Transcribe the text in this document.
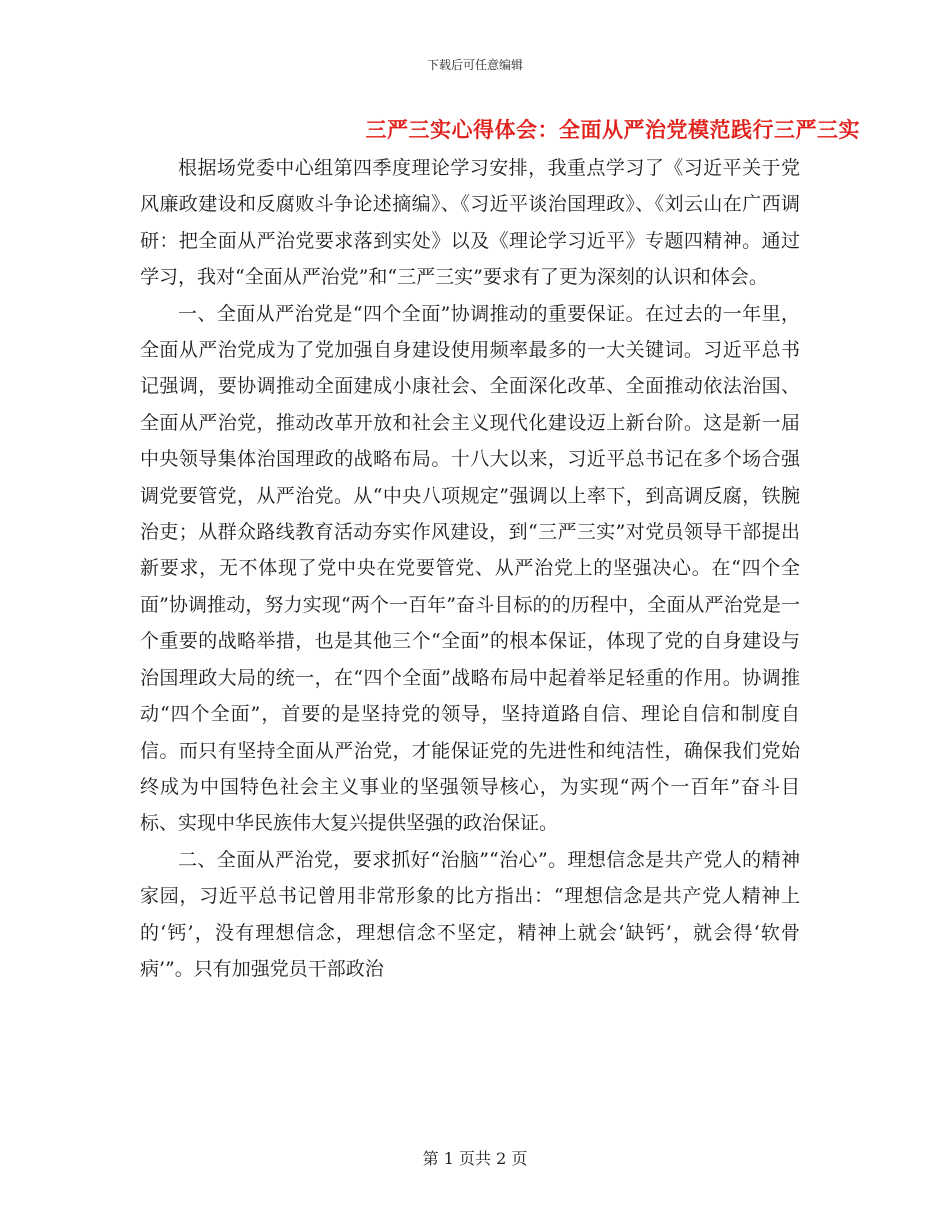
下载后可任意编辑
三严三实心得体会：全面从严治党模范践行三严三实

根据场党委中心组第四季度理论学习安排，我重点学习了《习近平关于党风廉政建设和反腐败斗争论述摘编》、《习近平谈治国理政》、《刘云山在广西调研：把全面从严治党要求落到实处》以及《理论学习近平》专题四精神。通过学习，我对“全面从严治党”和“三严三实”要求有了更为深刻的认识和体会。

一、全面从严治党是“四个全面”协调推动的重要保证。在过去的一年里，全面从严治党成为了党加强自身建设使用频率最多的一大关键词。习近平总书记强调，要协调推动全面建成小康社会、全面深化改革、全面推动依法治国、全面从严治党，推动改革开放和社会主义现代化建设迈上新台阶。这是新一届中央领导集体治国理政的战略布局。十八大以来，习近平总书记在多个场合强调党要管党，从严治党。从“中央八项规定”强调以上率下，到高调反腐，铁腕治吏；从群众路线教育活动夯实作风建设，到“三严三实”对党员领导干部提出新要求，无不体现了党中央在党要管党、从严治党上的坚强决心。在“四个全面”协调推动，努力实现“两个一百年”奋斗目标的的历程中，全面从严治党是一个重要的战略举措，也是其他三个“全面”的根本保证，体现了党的自身建设与治国理政大局的统一，在“四个全面”战略布局中起着举足轻重的作用。协调推动“四个全面”，首要的是坚持党的领导，坚持道路自信、理论自信和制度自信。而只有坚持全面从严治党，才能保证党的先进性和纯洁性，确保我们党始终成为中国特色社会主义事业的坚强领导核心，为实现“两个一百年”奋斗目标、实现中华民族伟大复兴提供坚强的政治保证。

二、全面从严治党，要求抓好“治脑”“治心”。理想信念是共产党人的精神家园，习近平总书记曾用非常形象的比方指出：“理想信念是共产党人精神上的‘钙’，没有理想信念，理想信念不坚定，精神上就会‘缺钙’，就会得‘软骨病’”。只有加强党员干部政治

第 1 页共 2 页
